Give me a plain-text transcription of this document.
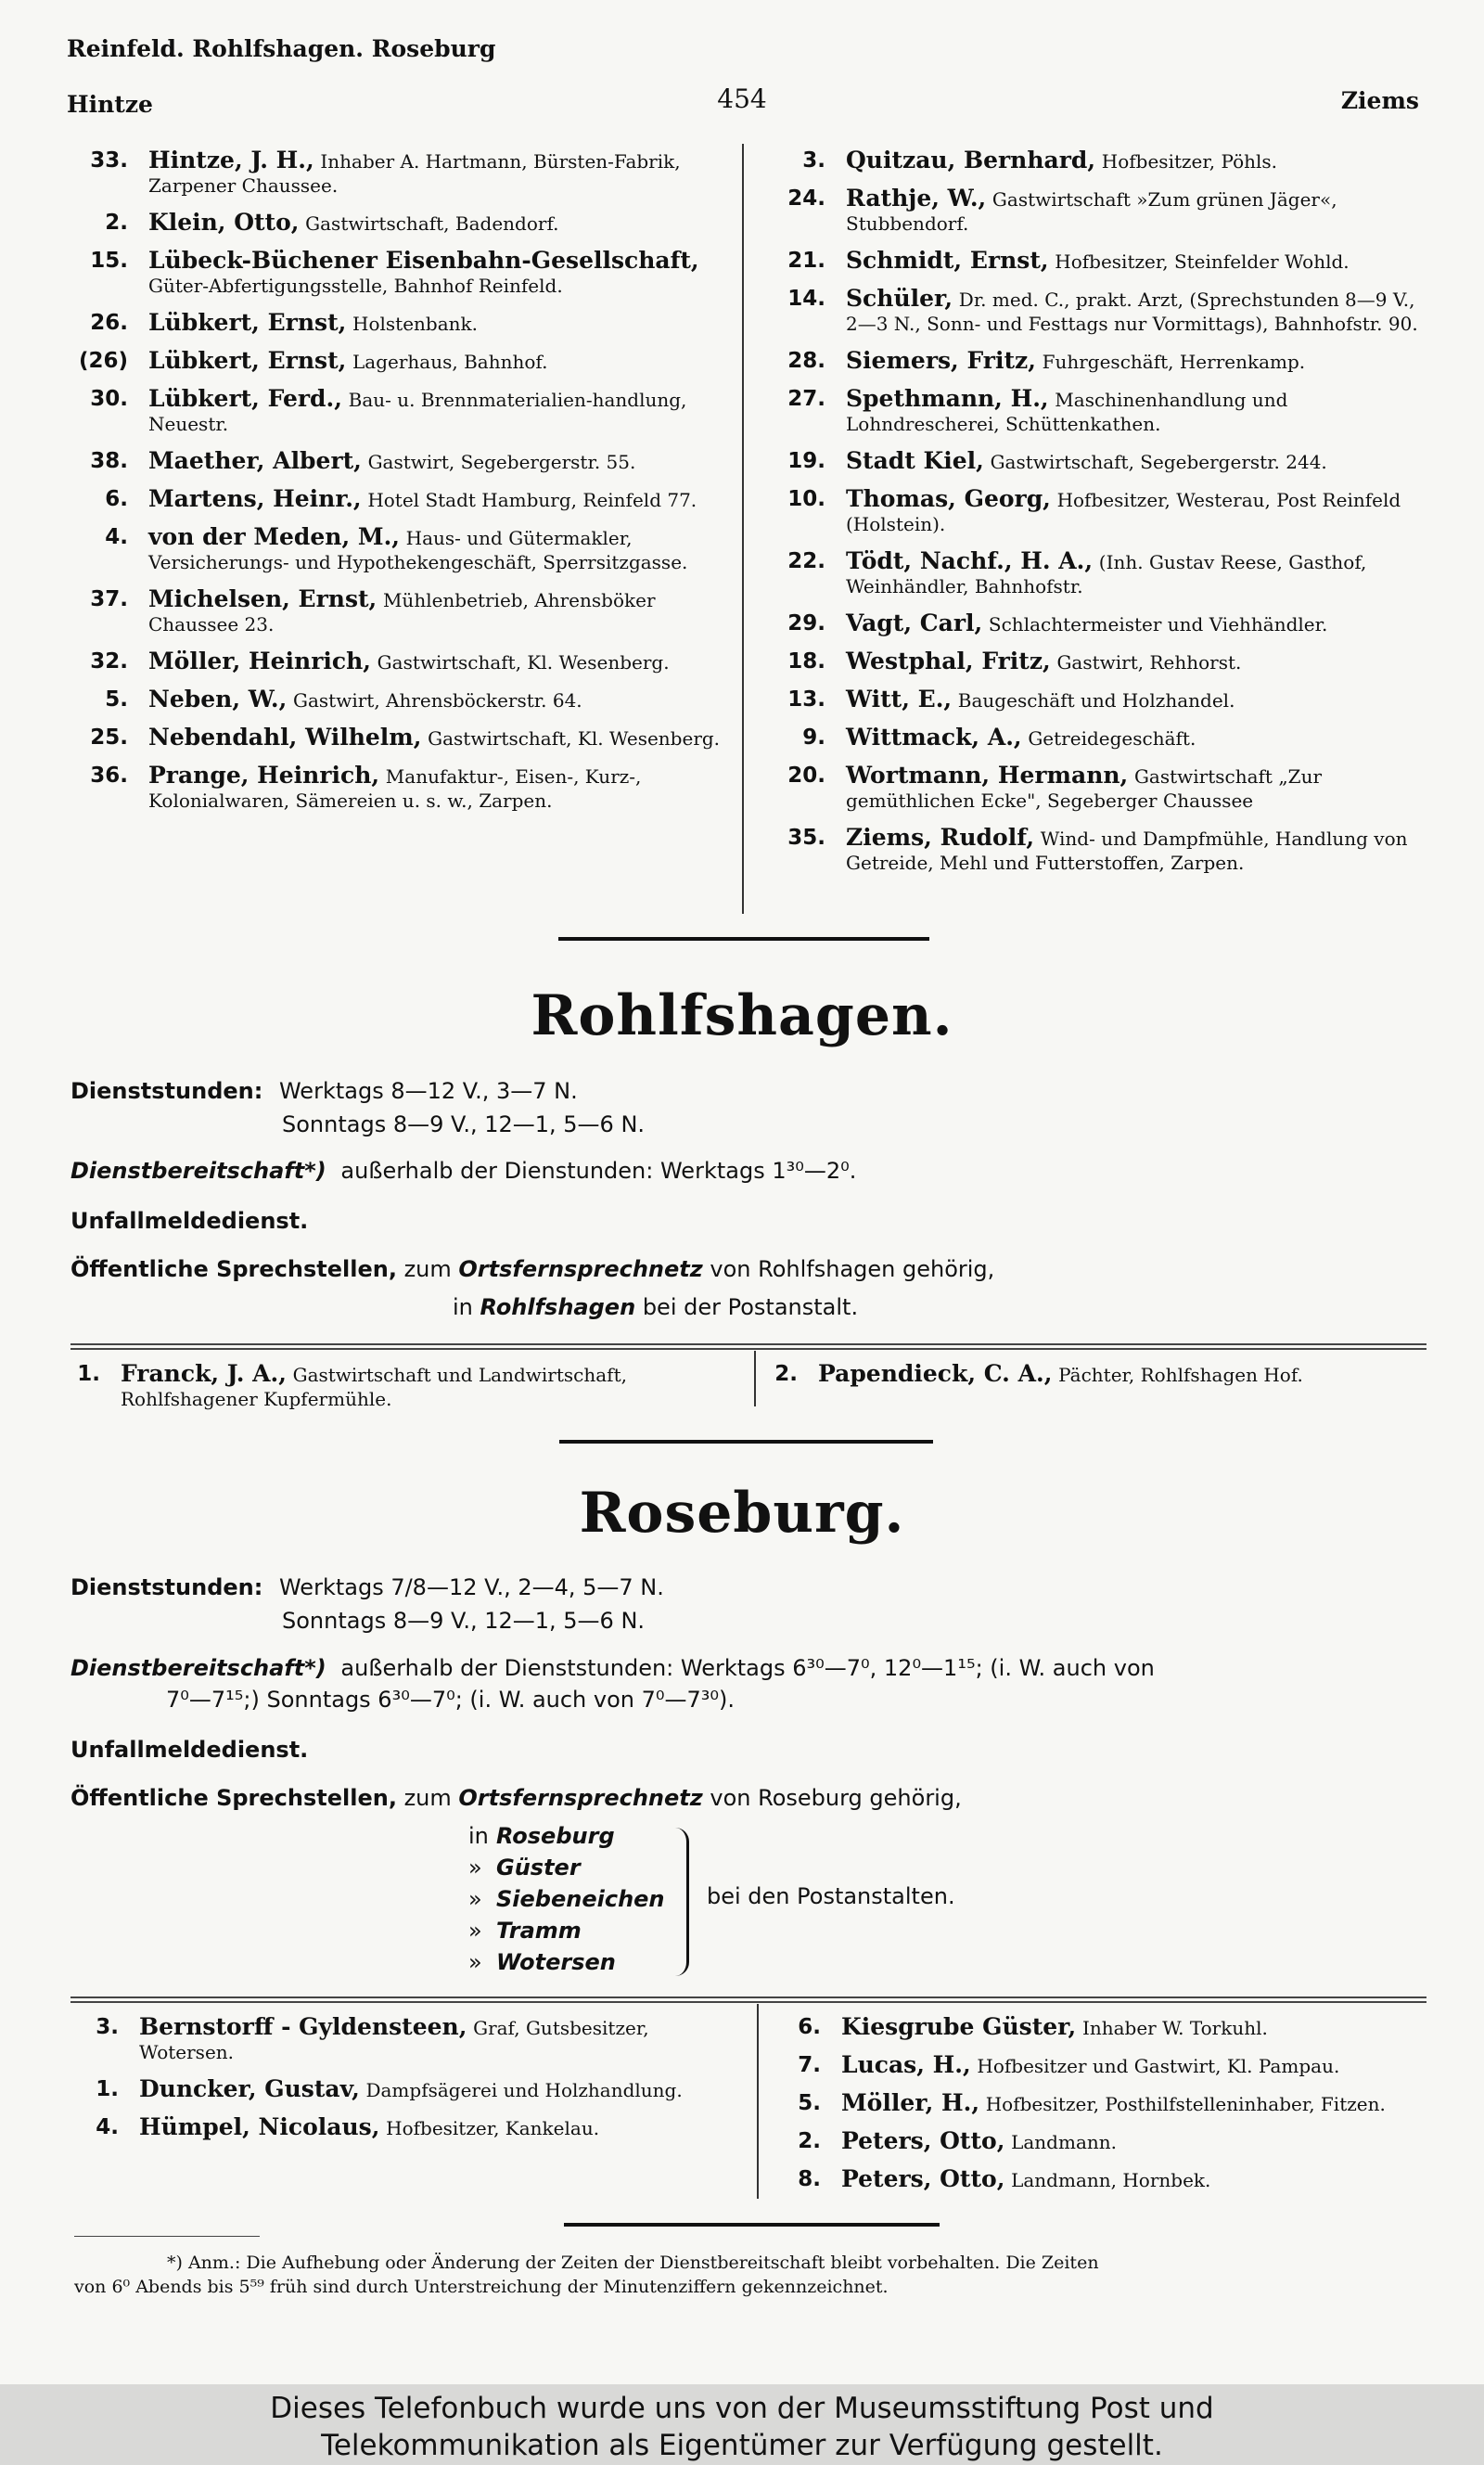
Reinfeld. Rohlfshagen. Roseburg
Hintze	454	Ziems
33. Hintze, J. H., Inhaber A. Hartmann, Bürsten-Fabrik, Zarpener Chaussee.
2. Klein, Otto, Gastwirtschaft, Badendorf.
15. Lübeck-Büchener Eisenbahn-Gesellschaft, Güter-Abfertigungsstelle, Bahnhof Reinfeld.
26. Lübkert, Ernst, Holstenbank.
(26) Lübkert, Ernst, Lagerhaus, Bahnhof.
30. Lübkert, Ferd., Bau- u. Brennmaterialien-handlung, Neuestr.
38. Maether, Albert, Gastwirt, Segebergerstr. 55.
6. Martens, Heinr., Hotel Stadt Hamburg, Reinfeld 77.
4. von der Meden, M., Haus- und Gütermakler, Versicherungs- und Hypothekengeschäft, Sperrsitzgasse.
37. Michelsen, Ernst, Mühlenbetrieb, Ahrensböker Chaussee 23.
32. Möller, Heinrich, Gastwirtschaft, Kl. Wesenberg.
5. Neben, W., Gastwirt, Ahrensböckerstr. 64.
25. Nebendahl, Wilhelm, Gastwirtschaft, Kl. Wesenberg.
36. Prange, Heinrich, Manufaktur-, Eisen-, Kurz-, Kolonialwaren, Sämereien u. s. w., Zarpen.
3. Quitzau, Bernhard, Hofbesitzer, Pöhls.
24. Rathje, W., Gastwirtschaft »Zum grünen Jäger«, Stubbendorf.
21. Schmidt, Ernst, Hofbesitzer, Steinfelder Wohld.
14. Schüler, Dr. med. C., prakt. Arzt, (Sprechstunden 8—9 V., 2—3 N., Sonn- und Festtags nur Vormittags), Bahnhofstr. 90.
28. Siemers, Fritz, Fuhrgeschäft, Herrenkamp.
27. Spethmann, H., Maschinenhandlung und Lohndrescherei, Schüttenkathen.
19. Stadt Kiel, Gastwirtschaft, Segebergerstr. 244.
10. Thomas, Georg, Hofbesitzer, Westerau, Post Reinfeld (Holstein).
22. Tödt, Nachf., H. A., (Inh. Gustav Reese, Gasthof, Weinhändler, Bahnhofstr.
29. Vagt, Carl, Schlachtermeister und Viehhändler.
18. Westphal, Fritz, Gastwirt, Rehhorst.
13. Witt, E., Baugeschäft und Holzhandel.
9. Wittmack, A., Getreidegeschäft.
20. Wortmann, Hermann, Gastwirtschaft „Zur gemüthlichen Ecke", Segeberger Chaussee
35. Ziems, Rudolf, Wind- und Dampfmühle, Handlung von Getreide, Mehl und Futterstoffen, Zarpen.
Rohlfshagen.
Dienststunden: Werktags 8—12 V., 3—7 N.
Sonntags 8—9 V., 12—1, 5—6 N.
Dienstbereitschaft*) außerhalb der Dienstunden: Werktags 1³⁰—2⁰.
Unfallmeldedienst.
Öffentliche Sprechstellen, zum Ortsfernsprechnetz von Rohlfshagen gehörig,
in Rohlfshagen bei der Postanstalt.
1. Franck, J. A., Gastwirtschaft und Landwirtschaft, Rohlfshagener Kupfermühle.
2. Papendieck, C. A., Pächter, Rohlfshagen Hof.
Roseburg.
Dienststunden: Werktags 7/8—12 V., 2—4, 5—7 N.
Sonntags 8—9 V., 12—1, 5—6 N.
Dienstbereitschaft*) außerhalb der Dienststunden: Werktags 6³⁰—7⁰, 12⁰—1¹⁵; (i. W. auch von
7⁰—7¹⁵;) Sonntags 6³⁰—7⁰; (i. W. auch von 7⁰—7³⁰).
Unfallmeldedienst.
Öffentliche Sprechstellen, zum Ortsfernsprechnetz von Roseburg gehörig,
in Roseburg
» Güster
» Siebeneichen
» Tramm
» Wotersen
bei den Postanstalten.
3. Bernstorff - Gyldensteen, Graf, Gutsbesitzer, Wotersen.
1. Duncker, Gustav, Dampfsägerei und Holzhandlung.
4. Hümpel, Nicolaus, Hofbesitzer, Kankelau.
6. Kiesgrube Güster, Inhaber W. Torkuhl.
7. Lucas, H., Hofbesitzer und Gastwirt, Kl. Pampau.
5. Möller, H., Hofbesitzer, Posthilfstelleninhaber, Fitzen.
2. Peters, Otto, Landmann.
8. Peters, Otto, Landmann, Hornbek.
*) Anm.: Die Aufhebung oder Änderung der Zeiten der Dienstbereitschaft bleibt vorbehalten. Die Zeiten
von 6⁰ Abends bis 5⁵⁹ früh sind durch Unterstreichung der Minutenziffern gekennzeichnet.
Dieses Telefonbuch wurde uns von der Museumsstiftung Post und
Telekommunikation als Eigentümer zur Verfügung gestellt.
